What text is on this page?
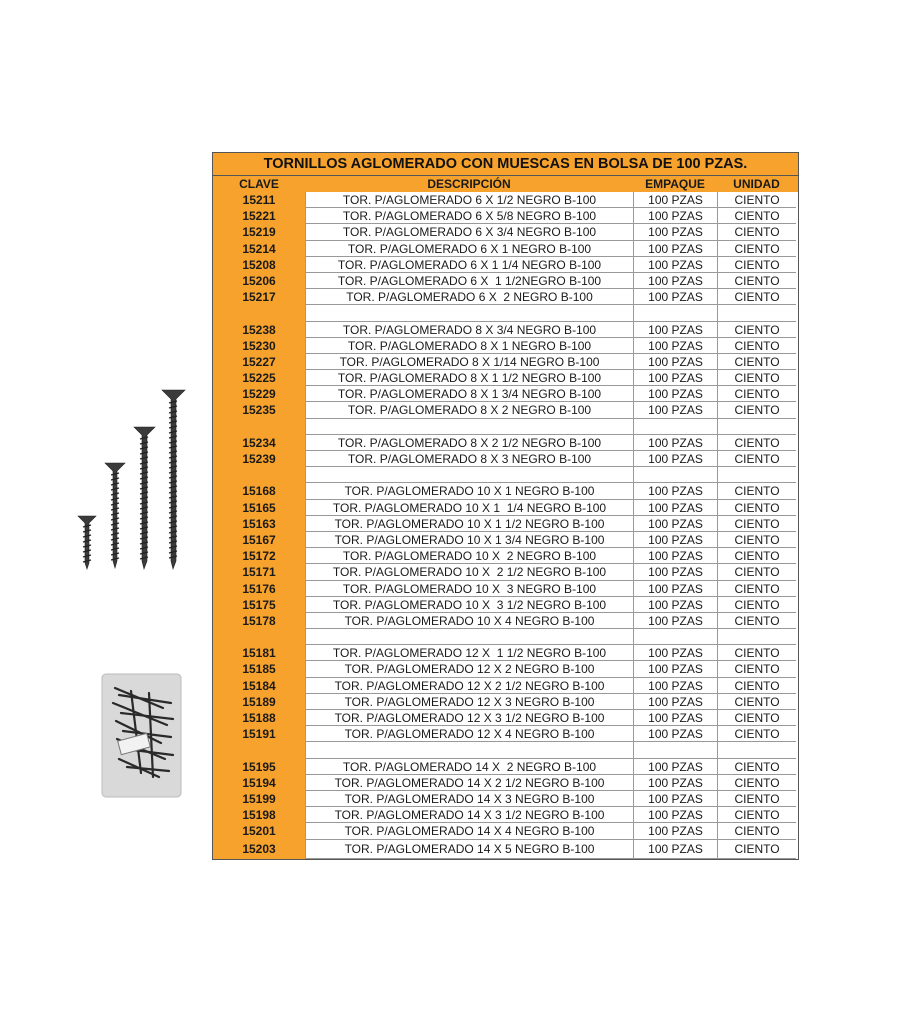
TORNILLOS AGLOMERADO CON MUESCAS EN BOLSA DE 100 PZAS.
CLAVE	DESCRIPCIÓN	EMPAQUE	UNIDAD
15211	TOR. P/AGLOMERADO 6 X 1/2 NEGRO B-100	100 PZAS	CIENTO
15221	TOR. P/AGLOMERADO 6 X 5/8 NEGRO B-100	100 PZAS	CIENTO
15219	TOR. P/AGLOMERADO 6 X 3/4 NEGRO B-100	100 PZAS	CIENTO
15214	TOR. P/AGLOMERADO 6 X 1 NEGRO B-100	100 PZAS	CIENTO
15208	TOR. P/AGLOMERADO 6 X 1 1/4 NEGRO B-100	100 PZAS	CIENTO
15206	TOR. P/AGLOMERADO 6 X  1 1/2NEGRO B-100	100 PZAS	CIENTO
15217	TOR. P/AGLOMERADO 6 X  2 NEGRO B-100	100 PZAS	CIENTO
15238	TOR. P/AGLOMERADO 8 X 3/4 NEGRO B-100	100 PZAS	CIENTO
15230	TOR. P/AGLOMERADO 8 X 1 NEGRO B-100	100 PZAS	CIENTO
15227	TOR. P/AGLOMERADO 8 X 1/14 NEGRO B-100	100 PZAS	CIENTO
15225	TOR. P/AGLOMERADO 8 X 1 1/2 NEGRO B-100	100 PZAS	CIENTO
15229	TOR. P/AGLOMERADO 8 X 1 3/4 NEGRO B-100	100 PZAS	CIENTO
15235	TOR. P/AGLOMERADO 8 X 2 NEGRO B-100	100 PZAS	CIENTO
15234	TOR. P/AGLOMERADO 8 X 2 1/2 NEGRO B-100	100 PZAS	CIENTO
15239	TOR. P/AGLOMERADO 8 X 3 NEGRO B-100	100 PZAS	CIENTO
15168	TOR. P/AGLOMERADO 10 X 1 NEGRO B-100	100 PZAS	CIENTO
15165	TOR. P/AGLOMERADO 10 X 1  1/4 NEGRO B-100	100 PZAS	CIENTO
15163	TOR. P/AGLOMERADO 10 X 1 1/2 NEGRO B-100	100 PZAS	CIENTO
15167	TOR. P/AGLOMERADO 10 X 1 3/4 NEGRO B-100	100 PZAS	CIENTO
15172	TOR. P/AGLOMERADO 10 X  2 NEGRO B-100	100 PZAS	CIENTO
15171	TOR. P/AGLOMERADO 10 X  2 1/2 NEGRO B-100	100 PZAS	CIENTO
15176	TOR. P/AGLOMERADO 10 X  3 NEGRO B-100	100 PZAS	CIENTO
15175	TOR. P/AGLOMERADO 10 X  3 1/2 NEGRO B-100	100 PZAS	CIENTO
15178	TOR. P/AGLOMERADO 10 X 4 NEGRO B-100	100 PZAS	CIENTO
15181	TOR. P/AGLOMERADO 12 X  1 1/2 NEGRO B-100	100 PZAS	CIENTO
15185	TOR. P/AGLOMERADO 12 X 2 NEGRO B-100	100 PZAS	CIENTO
15184	TOR. P/AGLOMERADO 12 X 2 1/2 NEGRO B-100	100 PZAS	CIENTO
15189	TOR. P/AGLOMERADO 12 X 3 NEGRO B-100	100 PZAS	CIENTO
15188	TOR. P/AGLOMERADO 12 X 3 1/2 NEGRO B-100	100 PZAS	CIENTO
15191	TOR. P/AGLOMERADO 12 X 4 NEGRO B-100	100 PZAS	CIENTO
15195	TOR. P/AGLOMERADO 14 X  2 NEGRO B-100	100 PZAS	CIENTO
15194	TOR. P/AGLOMERADO 14 X 2 1/2 NEGRO B-100	100 PZAS	CIENTO
15199	TOR. P/AGLOMERADO 14 X 3 NEGRO B-100	100 PZAS	CIENTO
15198	TOR. P/AGLOMERADO 14 X 3 1/2 NEGRO B-100	100 PZAS	CIENTO
15201	TOR. P/AGLOMERADO 14 X 4 NEGRO B-100	100 PZAS	CIENTO
15203	TOR. P/AGLOMERADO 14 X 5 NEGRO B-100	100 PZAS	CIENTO
